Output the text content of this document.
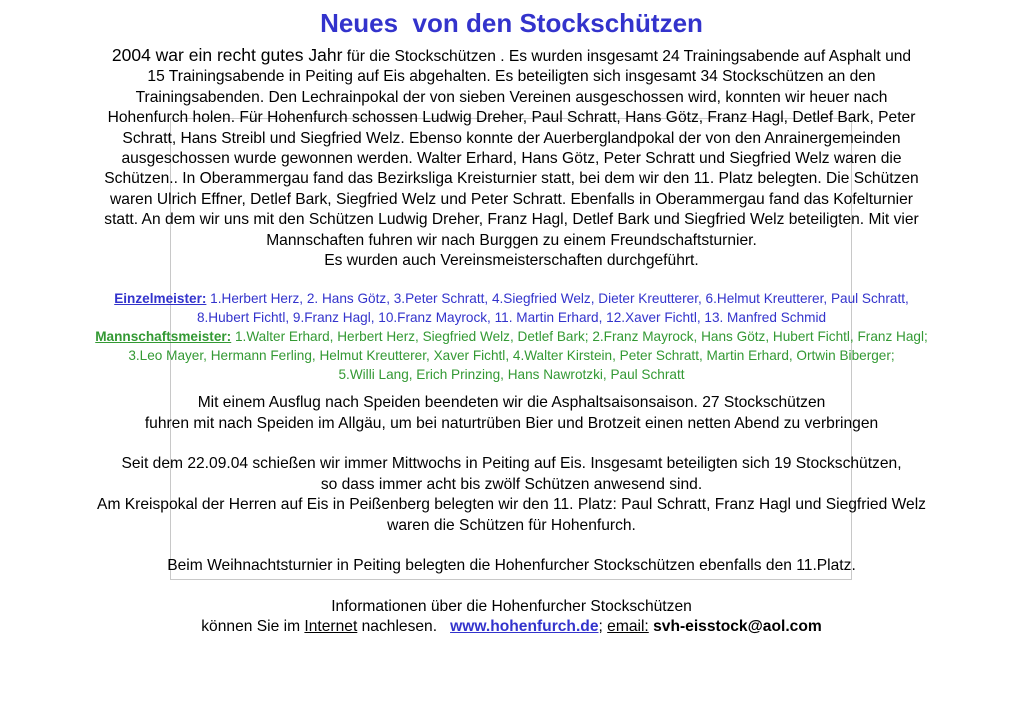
Neues  von den Stockschützen
2004 war ein recht gutes Jahr für die Stockschützen . Es wurden insgesamt 24 Trainingsabende auf Asphalt und
15 Trainingsabende in Peiting auf Eis abgehalten. Es beteiligten sich insgesamt 34 Stockschützen an den
Trainingsabenden. Den Lechrainpokal der von sieben Vereinen ausgeschossen wird, konnten wir heuer nach
Hohenfurch holen. Für Hohenfurch schossen Ludwig Dreher, Paul Schratt, Hans Götz, Franz Hagl, Detlef Bark, Peter
Schratt, Hans Streibl und Siegfried Welz. Ebenso konnte der Auerberglandpokal der von den Anrainergemeinden
ausgeschossen wurde gewonnen werden. Walter Erhard, Hans Götz, Peter Schratt und Siegfried Welz waren die
Schützen.. In Oberammergau fand das Bezirksliga Kreisturnier statt, bei dem wir den 11. Platz belegten. Die Schützen
waren Ulrich Effner, Detlef Bark, Siegfried Welz und Peter Schratt. Ebenfalls in Oberammergau fand das Kofelturnier
statt. An dem wir uns mit den Schützen Ludwig Dreher, Franz Hagl, Detlef Bark und Siegfried Welz beteiligten. Mit vier
Mannschaften fuhren wir nach Burggen zu einem Freundschaftsturnier.
Es wurden auch Vereinsmeisterschaften durchgeführt.
Einzelmeister: 1.Herbert Herz, 2. Hans Götz, 3.Peter Schratt, 4.Siegfried Welz, Dieter Kreutterer, 6.Helmut Kreutterer, Paul Schratt,
8.Hubert Fichtl, 9.Franz Hagl, 10.Franz Mayrock, 11. Martin Erhard, 12.Xaver Fichtl, 13. Manfred Schmid
Mannschaftsmeister: 1.Walter Erhard, Herbert Herz, Siegfried Welz, Detlef Bark; 2.Franz Mayrock, Hans Götz, Hubert Fichtl, Franz Hagl;
3.Leo Mayer, Hermann Ferling, Helmut Kreutterer, Xaver Fichtl, 4.Walter Kirstein, Peter Schratt, Martin Erhard, Ortwin Biberger;
5.Willi Lang, Erich Prinzing, Hans Nawrotzki, Paul Schratt
Mit einem Ausflug nach Speiden beendeten wir die Asphaltsaisonsaison. 27 Stockschützen
fuhren mit nach Speiden im Allgäu, um bei naturtrüben Bier und Brotzeit einen netten Abend zu verbringen
Seit dem 22.09.04 schießen wir immer Mittwochs in Peiting auf Eis. Insgesamt beteiligten sich 19 Stockschützen,
so dass immer acht bis zwölf Schützen anwesend sind.
Am Kreispokal der Herren auf Eis in Peißenberg belegten wir den 11. Platz: Paul Schratt, Franz Hagl und Siegfried Welz
waren die Schützen für Hohenfurch.
Beim Weihnachtsturnier in Peiting belegten die Hohenfurcher Stockschützen ebenfalls den 11.Platz.
Informationen über die Hohenfurcher Stockschützen
können Sie im Internet nachlesen.   www.hohenfurch.de; email: svh-eisstock@aol.com
